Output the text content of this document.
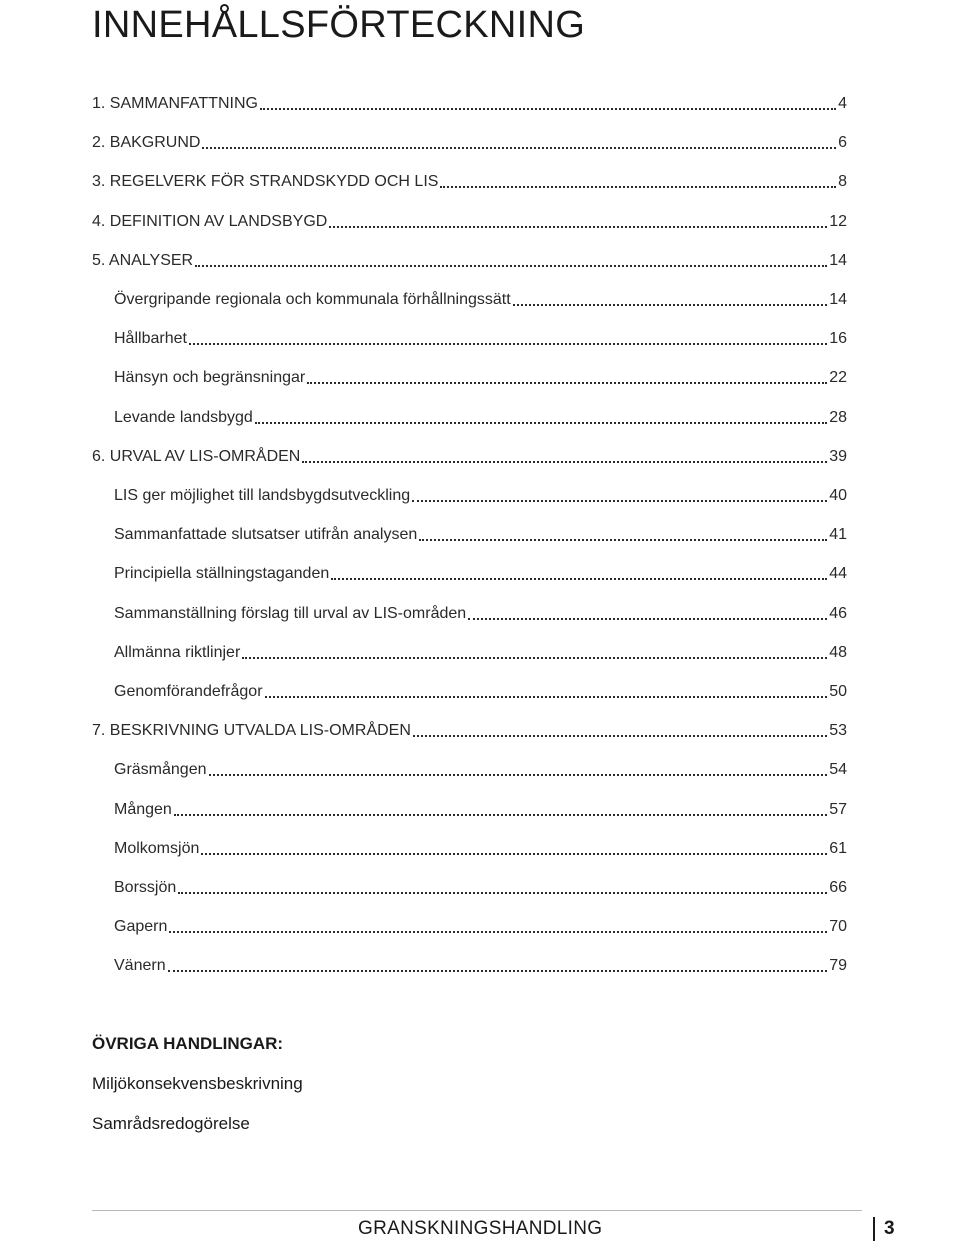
INNEHÅLLSFÖRTECKNING
1. SAMMANFATTNING	4
2. BAKGRUND	6
3. REGELVERK FÖR STRANDSKYDD OCH LIS	8
4. DEFINITION AV LANDSBYGD	12
5. ANALYSER	14
Övergripande regionala och kommunala förhållningssätt	14
Hållbarhet	16
Hänsyn och begränsningar	22
Levande landsbygd	28
6. URVAL AV LIS-OMRÅDEN	39
LIS ger möjlighet till landsbygdsutveckling	40
Sammanfattade slutsatser utifrån analysen	41
Principiella ställningstaganden	44
Sammanställning förslag till urval av LIS-områden	46
Allmänna riktlinjer	48
Genomförandefrågor	50
7. BESKRIVNING UTVALDA LIS-OMRÅDEN	53
Gräsmången	54
Mången	57
Molkomsjön	61
Borssjön	66
Gapern	70
Vänern	79
ÖVRIGA HANDLINGAR:
Miljökonsekvensbeskrivning
Samrådsredogörelse
GRANSKNINGSHANDLING	3
